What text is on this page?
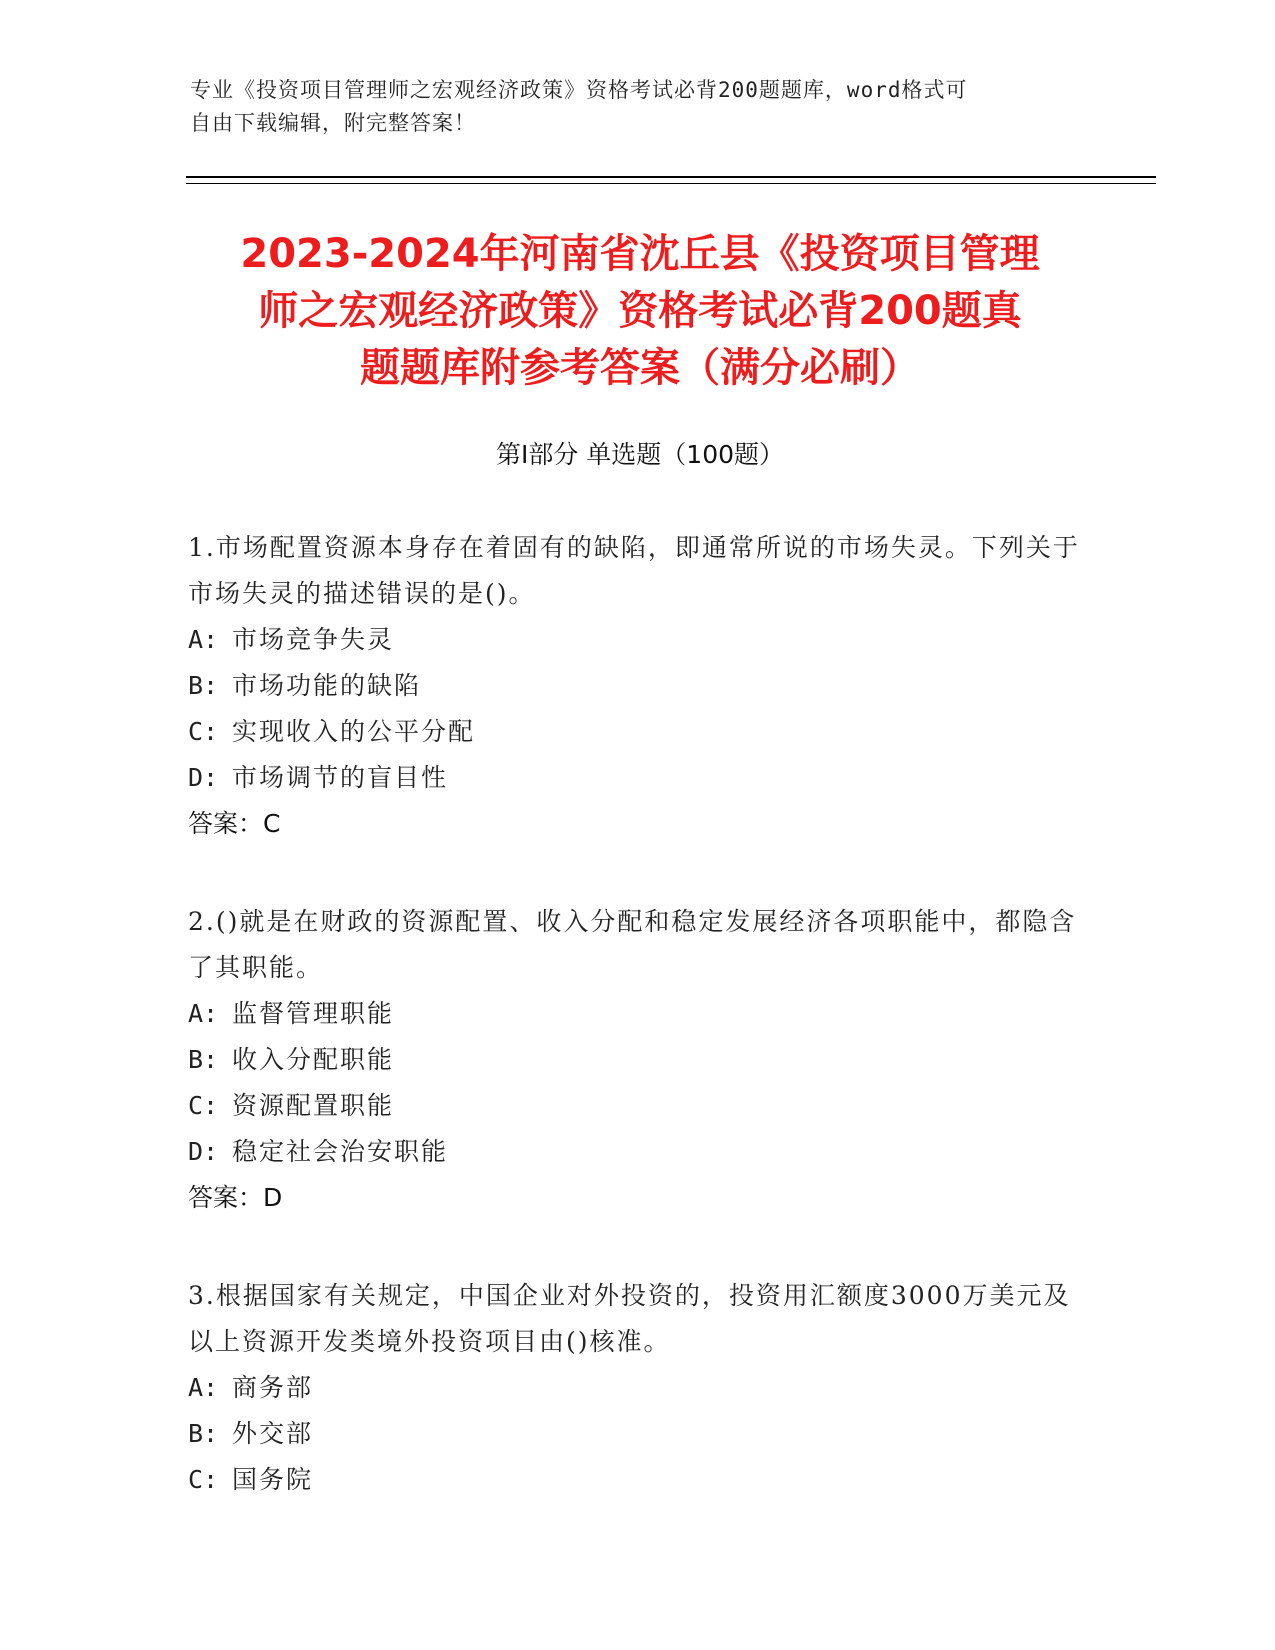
专业《投资项目管理师之宏观经济政策》资格考试必背200题题库，word格式可
自由下载编辑，附完整答案！
2023-2024年河南省沈丘县《投资项目管理
师之宏观经济政策》资格考试必背200题真
题题库附参考答案（满分必刷）
第Ⅰ部分 单选题（100题）
1.市场配置资源本身存在着固有的缺陷，即通常所说的市场失灵。下列关于市场失灵的描述错误的是()。
A: 市场竞争失灵
B: 市场功能的缺陷
C: 实现收入的公平分配
D: 市场调节的盲目性
答案：C
2.()就是在财政的资源配置、收入分配和稳定发展经济各项职能中，都隐含了其职能。
A: 监督管理职能
B: 收入分配职能
C: 资源配置职能
D: 稳定社会治安职能
答案：D
3.根据国家有关规定，中国企业对外投资的，投资用汇额度3000万美元及以上资源开发类境外投资项目由()核准。
A: 商务部
B: 外交部
C: 国务院
